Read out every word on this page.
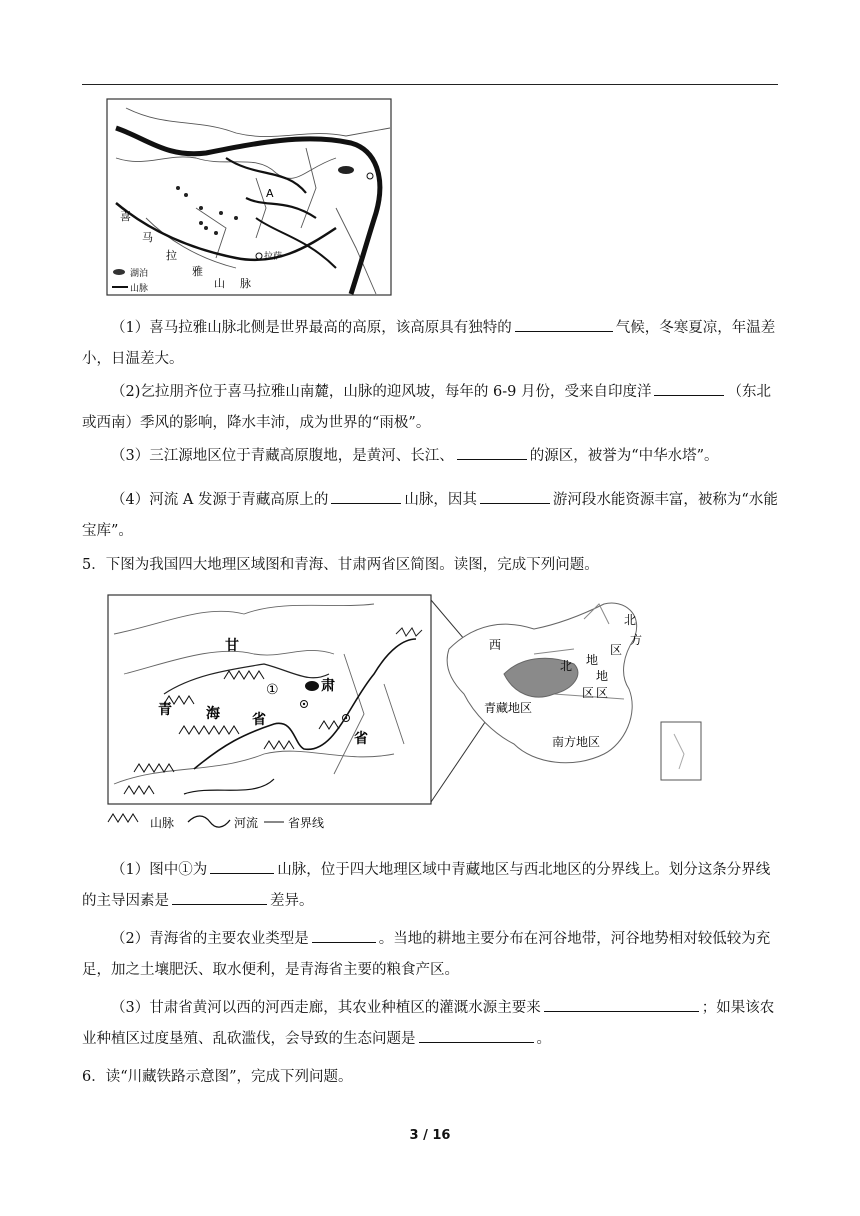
A
喜
马
拉
雅
山 脉
拉萨
湖泊
山脉
（1）喜马拉雅山脉北侧是世界最高的高原，该高原具有独特的	气候，冬寒夏凉，年温差小，日温差大。
（2)乞拉朋齐位于喜马拉雅山南麓，山脉的迎风坡，每年的 6-9 月份，受来自印度洋	（东北或西南）季风的影响，降水丰沛，成为世界的“雨极”。
（3）三江源地区位于青藏高原腹地，是黄河、长江、	的源区，被誉为“中华水塔”。
（4）河流 A 发源于青藏高原上的	山脉，因其	游河段水能资源丰富，被称为“水能宝库”。
5．下图为我国四大地理区域图和青海、甘肃两省区简图。读图，完成下列问题。
甘
肃
青 海 省
省
①
西
北 地
区
北
方
区
地
区
青藏地区
南方地区
山脉	河流 省界线
（1）图中①为	山脉，位于四大地理区域中青藏地区与西北地区的分界线上。划分这条分界线的主导因素是	差异。
（2）青海省的主要农业类型是	。当地的耕地主要分布在河谷地带，河谷地势相对较低较为充足，加之土壤肥沃、取水便利，是青海省主要的粮食产区。
（3）甘肃省黄河以西的河西走廊，其农业种植区的灌溉水源主要来	；如果该农业种植区过度垦殖、乱砍滥伐，会导致的生态问题是	。
6．读“川藏铁路示意图”，完成下列问题。
3 / 16
